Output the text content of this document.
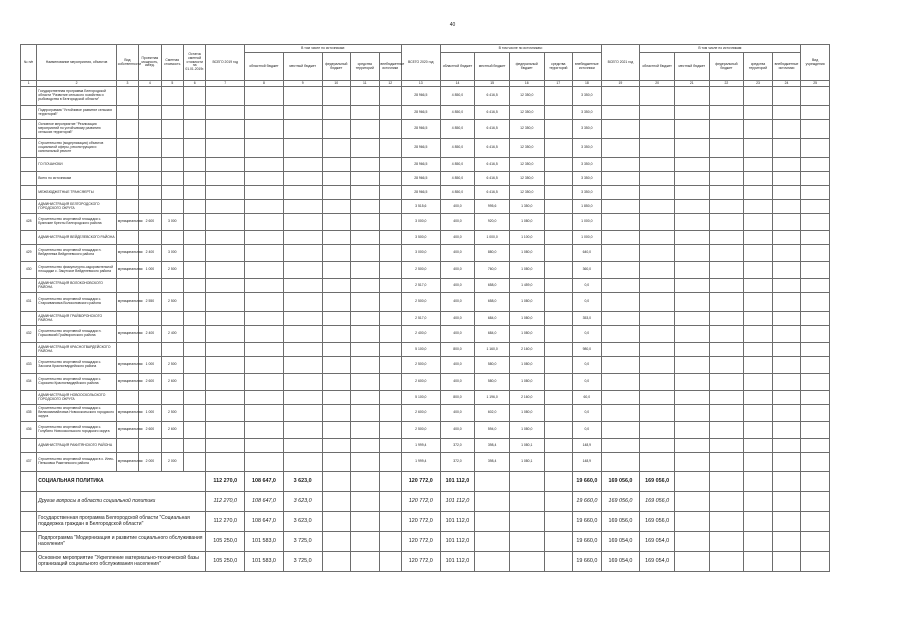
40
№ п/п	Наименование мероприятия, объектов	Вид собственности	Проектная мощность, км/ед.	Сметная стоимость	Остаток сметной стоимости на 01.01.2019г.	ВСЕГО 2019 год	В том числе по источникам:					ВСЕГО 2020 год	В том числе по источникам:					ВСЕГО 2021 год	В том числе по источникам:					Вид учреждения
							областной бюджет	местный бюджет	федеральный бюджет	средства территорий	внебюджетные источники		областной бюджет	местный бюджет	федеральный бюджет	средства территорий	внебюджетные источники		областной бюджет	местный бюджет	федеральный бюджет	средства территорий	внебюджетные источники	
1	2	3	4	5	6	7	8	9	10	11	12	13	14	15	16	17	18	19	20	21	22	23	24	25
	Государственная программа Белгородской области "Развитие сельского хозяйства и рыбоводства в Белгородской области"											28 966,5	4 850,0	6 416,5	12 350,0		3 350,0							
	Подпрограмма "Устойчивое развитие сельских территорий"											28 966,5	4 850,0	6 416,5	12 350,0		3 350,0							
	Основное мероприятие "Реализация мероприятий по устойчивому развитию сельских территорий"											28 966,5	4 850,0	6 416,5	12 350,0		3 350,0							
	Строительство (модернизация) объектов социальной сферы, реконструкция и капитальный ремонт											28 966,5	4 850,0	6 416,5	12 350,0		3 350,0							
	ГО ПОЧАНОКИ											28 966,5	4 850,0	6 416,5	12 350,0		3 350,0							
	Всего по источникам											28 966,5	4 850,0	6 416,5	12 350,0		3 350,0							
	МЕЖБЮДЖЕТНЫЕ ТРАНСФЕРТЫ											28 966,5	4 850,0	6 416,5	12 350,0		3 350,0							
	АДМИНИСТРАЦИЯ БЕЛГОРОДСКОГО ГОРОДСКОГО ОКРУГА											3 515,6	400,0	995,6	1 350,0		1 850,0							
428	Строительство спортивной площадки с. Брянские Кресты Белгородского района	муниципальная	2 600	3 000								3 000,0	400,0	920,0	1 080,0		1 000,0							
	АДМИНИСТРАЦИЯ ВЕЙДЕЛЕВСКОГО РАЙОНА											3 500,0	400,0	1 000,0	1 100,0		1 000,0							
429	Строительство спортивной площадки п. Вейделевка Вейделевского района	муниципальная	2 400	3 000								3 000,0	400,0	880,0	1 080,0		640,0							
430	Строительство физкультурно-оздоровительной площадки с. Закутское Вейделевского района	муниципальная	1 000	2 500								2 500,0	400,0	760,0	1 080,0		360,0							
	АДМИНИСТРАЦИЯ ВОЛОКОНОВСКОГО РАЙОНА											2 517,0	400,0	658,0	1 459,0		0,0							
431	Строительство спортивной площадки с. Староивановка Волоконовского района	муниципальная	2 550	2 500								2 500,0	400,0	658,0	1 080,0		0,0							
	АДМИНИСТРАЦИЯ ГРАЙВОРОНСКОГО РАЙОНА											2 517,0	400,0	684,0	1 080,0		353,0							
432	Строительство спортивной площадки п. Горьковский Грайворонского района	муниципальная	2 400	2 400								2 400,0	400,0	684,0	1 080,0		0,0							
	АДМИНИСТРАЦИЯ КРАСНОГВАРДЕЙСКОГО РАЙОНА											5 100,0	800,0	1 160,0	2 160,0		980,0							
433	Строительство спортивной площадки с. Засосна Красногвардейского района	муниципальная	1 000	2 500								2 500,0	400,0	580,0	1 080,0		0,0							
434	Строительство спортивной площадки с. Сорокино Красногвардейского района	муниципальная	2 600	2 600								2 600,0	400,0	580,0	1 080,0		0,0							
	АДМИНИСТРАЦИЯ НОВООСКОЛЬСКОГО ГОРОДСКОГО ОКРУГА											5 100,0	800,0	1 196,0	2 160,0		60,0							
435	Строительство спортивной площадки с. Великомихайловка Новооскольского городского округа	муниципальная	1 000	2 500								2 600,0	400,0	602,0	1 080,0		0,0							
436	Строительство спортивной площадки с. Голубино Новооскольского городского округа	муниципальная	2 600	2 600								2 500,0	400,0	594,0	1 080,0		0,0							
	АДМИНИСТРАЦИЯ РАКИТЯНСКОГО РАЙОНА											1 999,4	372,0	398,4	1 080,1		148,9							
437	Строительство спортивной площадки в с. Илек-Пеньковка Ракитянского района	муниципальная	2 000	2 000								1 999,4	372,0	398,4	1 080,1		148,9							
	СОЦИАЛЬНАЯ ПОЛИТИКА					112 270,0	108 647,0	3 623,0				120 772,0	101 112,0				19 660,0	169 056,0	169 056,0					
	Другие вопросы в области социальной политики					112 270,0	108 647,0	3 623,0				120 772,0	101 112,0				19 660,0	169 056,0	169 056,0					
	Государственная программа Белгородской области "Социальная поддержка граждан в Белгородской области"					112 270,0	108 647,0	3 623,0				120 772,0	101 112,0				19 660,0	169 056,0	169 056,0					
	Подпрограмма "Модернизация и развитие социального обслуживания населения"					105 250,0	101 583,0	3 725,0				120 772,0	101 112,0				19 660,0	169 054,0	169 054,0					
	Основное мероприятие "Укрепление материально-технической базы организаций социального обслуживания населения"					105 250,0	101 583,0	3 725,0				120 772,0	101 112,0				19 660,0	169 054,0	169 054,0					
